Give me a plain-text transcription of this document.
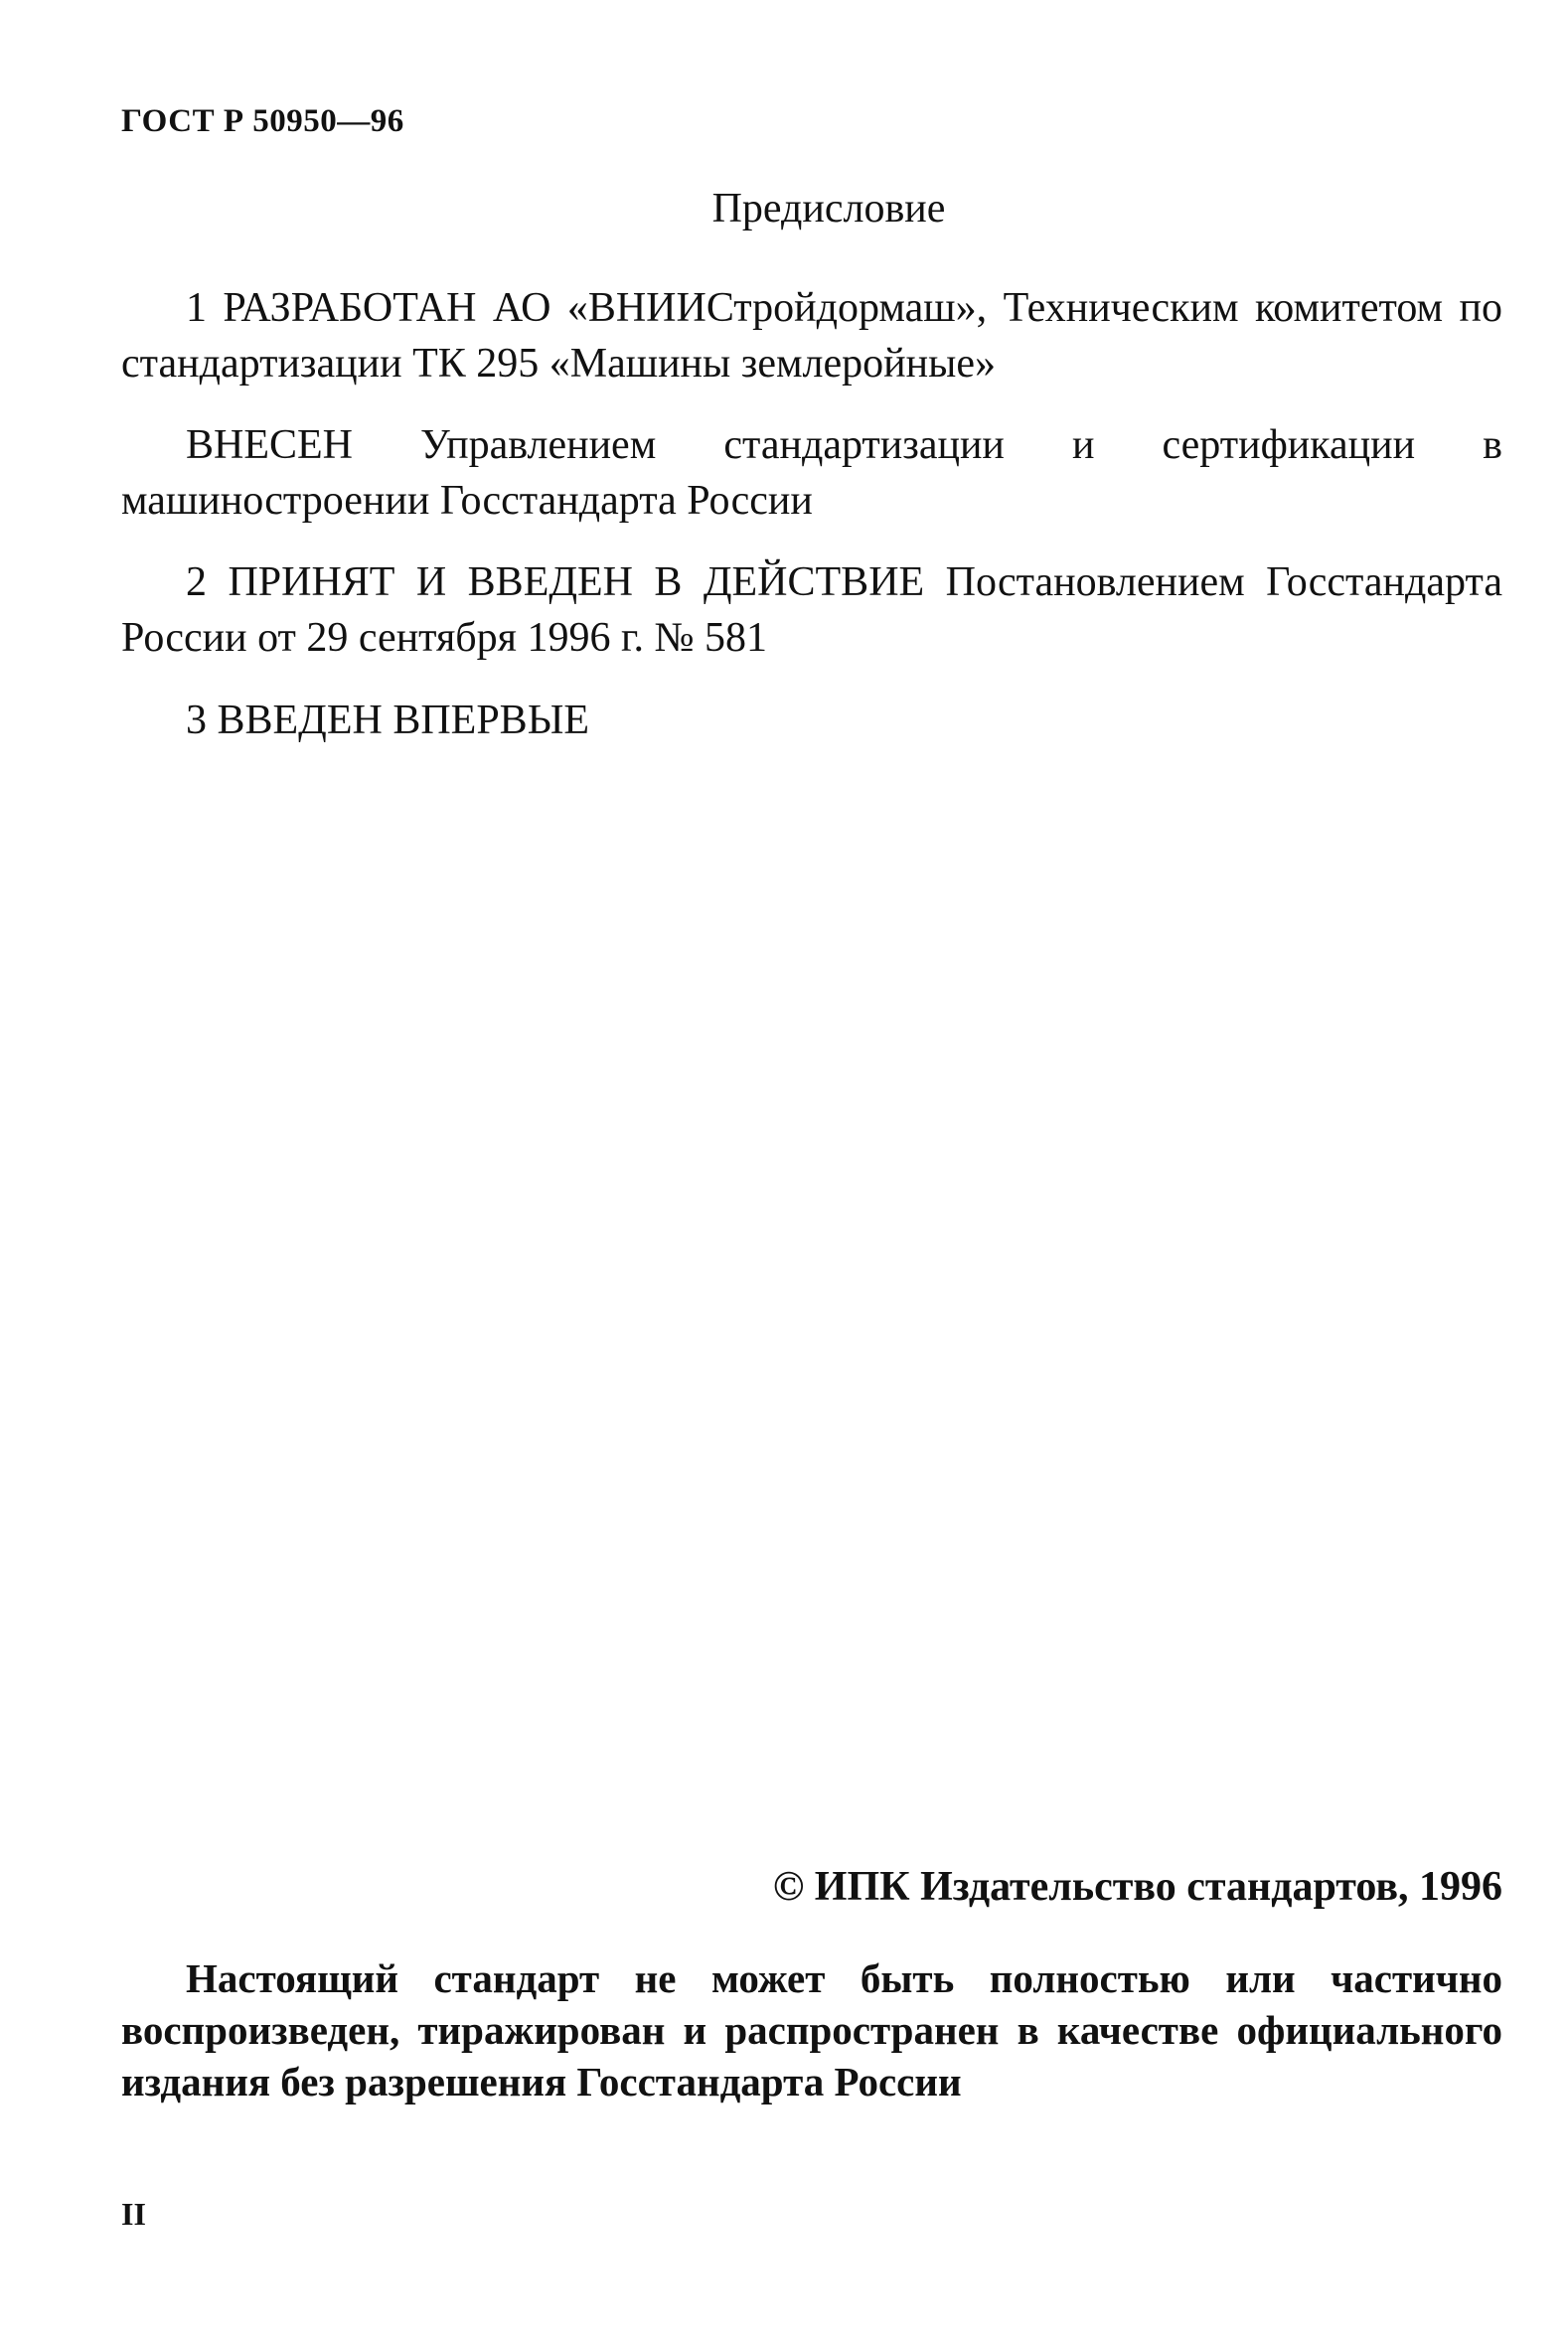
ГОСТ Р 50950—96
Предисловие
1 РАЗРАБОТАН АО «ВНИИСтройдормаш», Техническим комитетом по стандартизации ТК 295 «Машины землеройные»
ВНЕСЕН Управлением стандартизации и сертификации в машиностроении Госстандарта России
2 ПРИНЯТ И ВВЕДЕН В ДЕЙСТВИЕ Постановлением Госстандарта России от 29 сентября 1996 г. № 581
3 ВВЕДЕН ВПЕРВЫЕ
© ИПК Издательство стандартов, 1996
Настоящий стандарт не может быть полностью или частично воспроизведен, тиражирован и распространен в качестве официального издания без разрешения Госстандарта России
II
